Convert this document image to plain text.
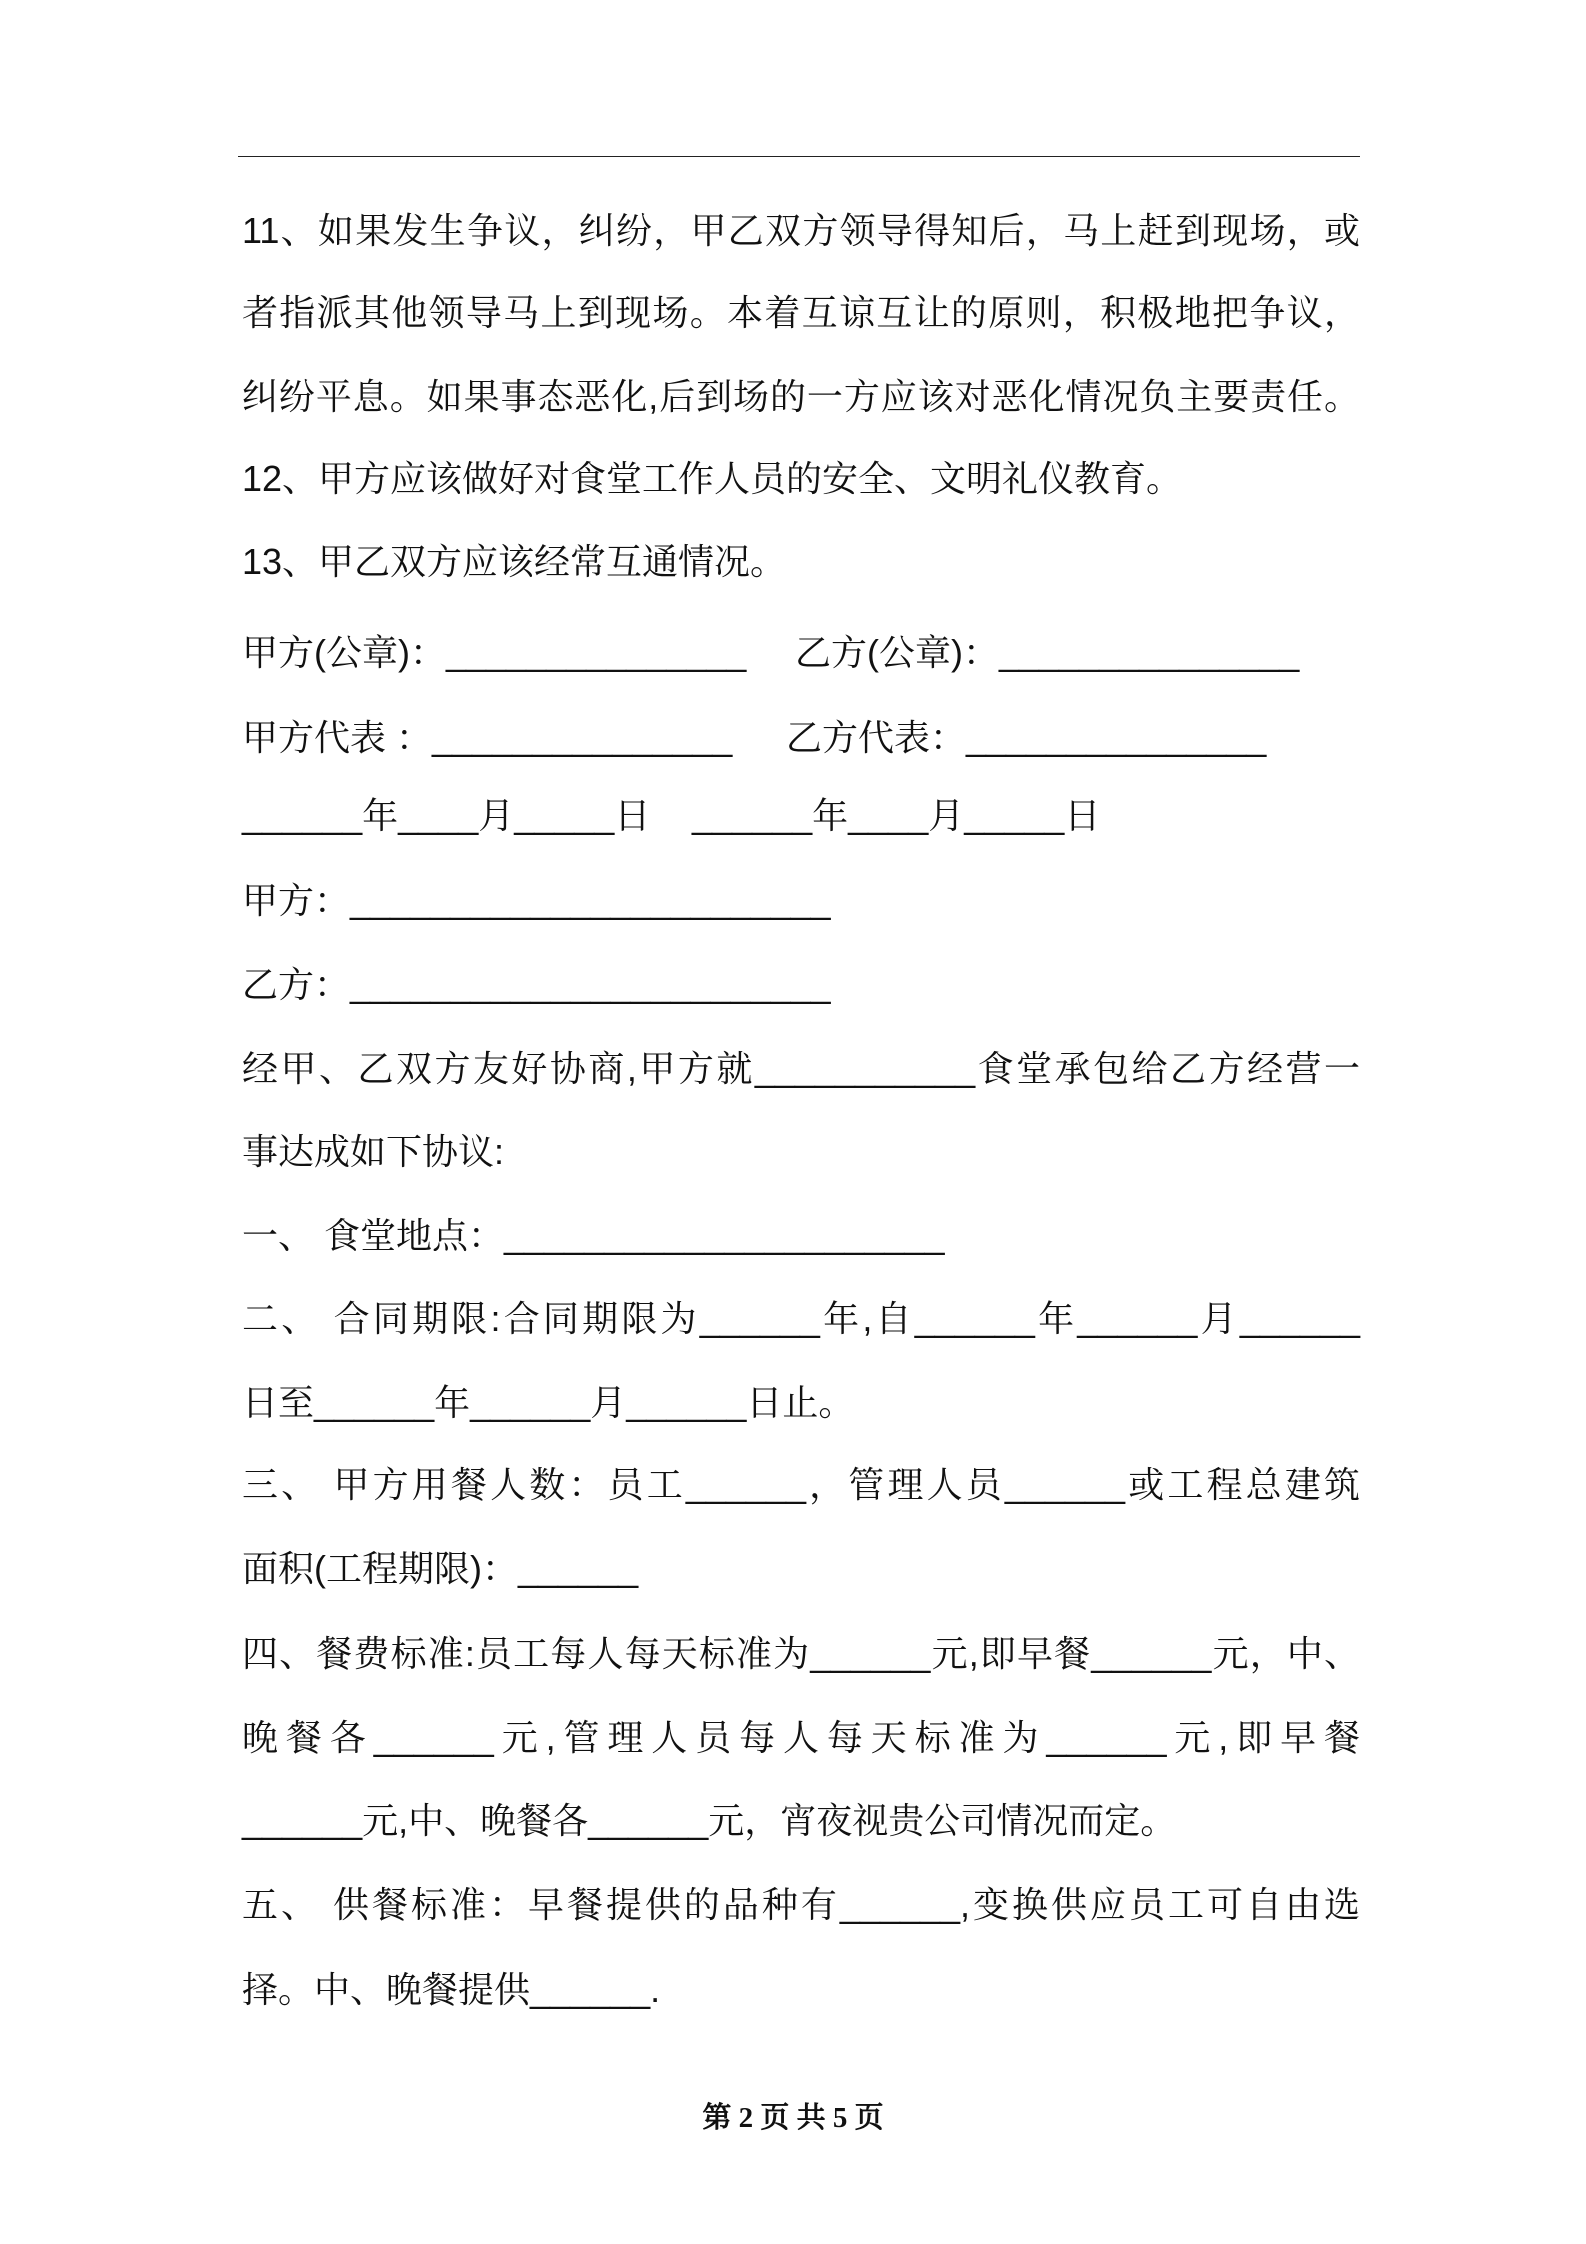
11、如果发生争议，纠纷，甲乙双方领导得知后，马上赶到现场，或
者指派其他领导马上到现场。本着互谅互让的原则，积极地把争议，
纠纷平息。如果事态恶化,后到场的一方应该对恶化情况负主要责任。
12、甲方应该做好对食堂工作人员的安全、文明礼仪教育。
13、甲乙双方应该经常互通情况。
甲方(公章)：_______________ 乙方(公章)：_______________
甲方代表 ：_______________ 乙方代表：_______________
______年____月_____日 ______年____月_____日
甲方：________________________
乙方：________________________
经甲、乙双方友好协商,甲方就___________食堂承包给乙方经营一
事达成如下协议:
一、 食堂地点：______________________
二、 合同期限:合同期限为______年,自______年______月______
日至______年______月______日止。
三、 甲方用餐人数：员工______，管理人员______或工程总建筑
面积(工程期限)：______
四、餐费标准:员工每人每天标准为______元,即早餐______元，中、
晚餐各______元,管理人员每人每天标准为______元,即早餐
______元,中、晚餐各______元，宵夜视贵公司情况而定。
五、 供餐标准：早餐提供的品种有______,变换供应员工可自由选
择。中、晚餐提供______.
第 2 页 共 5 页
